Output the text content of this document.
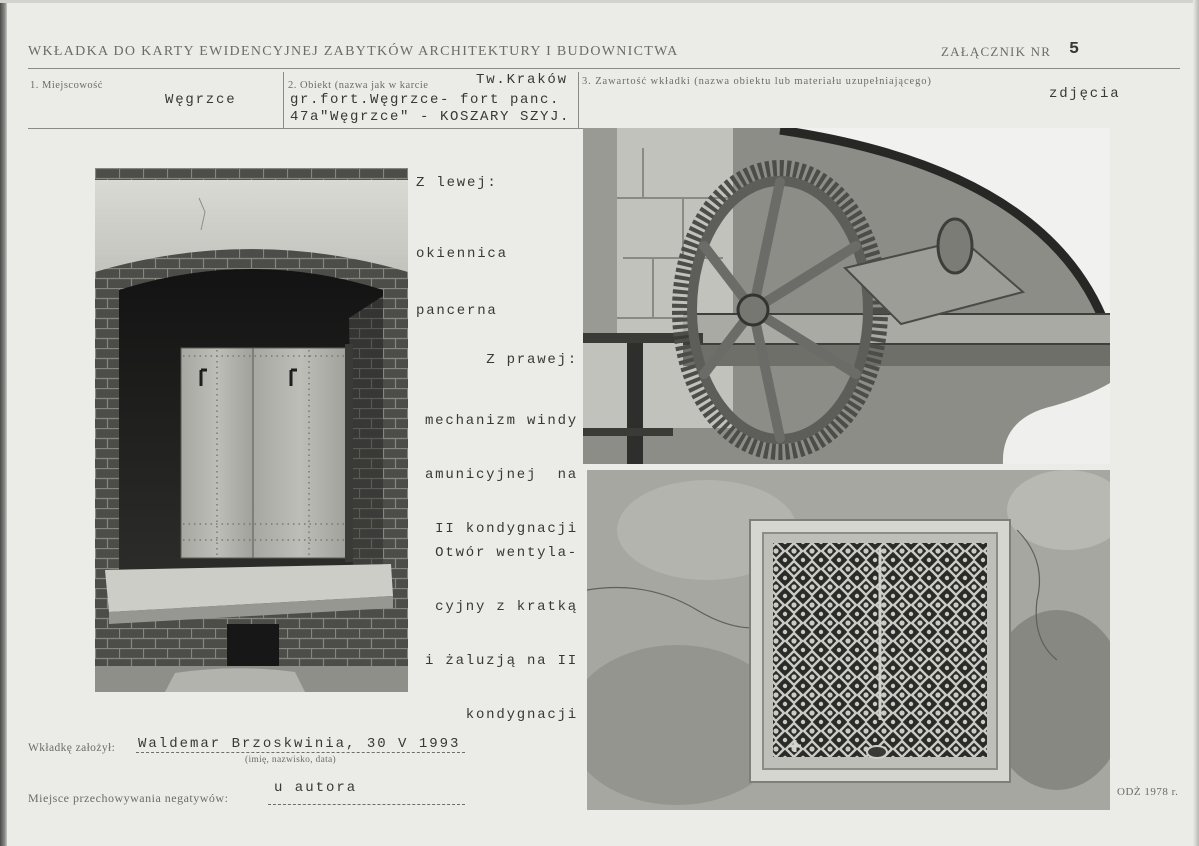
WKŁADKA DO KARTY EWIDENCYJNEJ ZABYTKÓW ARCHITEKTURY I BUDOWNICTWA	ZAŁĄCZNIK NR 5
1. Miejscowość
Węgrzce
2. Obiekt (nazwa jak w karcie	Tw.Kraków
gr.fort.Węgrzce- fort panc.
47a"Węgrzce" - KOSZARY SZYJ.
3. Zawartość wkładki (nazwa obiektu lub materiału uzupełniającego)
zdjęcia
Z lewej:

okiennica

pancerna

Z prawej:

mechanizm windy

amunicyjnej  na

II kondygnacji

Otwór wentyla-

cyjny z kratką

i żaluzją na II

kondygnacji

Wkładkę założył: Waldemar Brzoskwinia, 30 V 1993
(imię, nazwisko, data)
Miejsce przechowywania negatywów:
u autora	ODŻ 1978 r.
